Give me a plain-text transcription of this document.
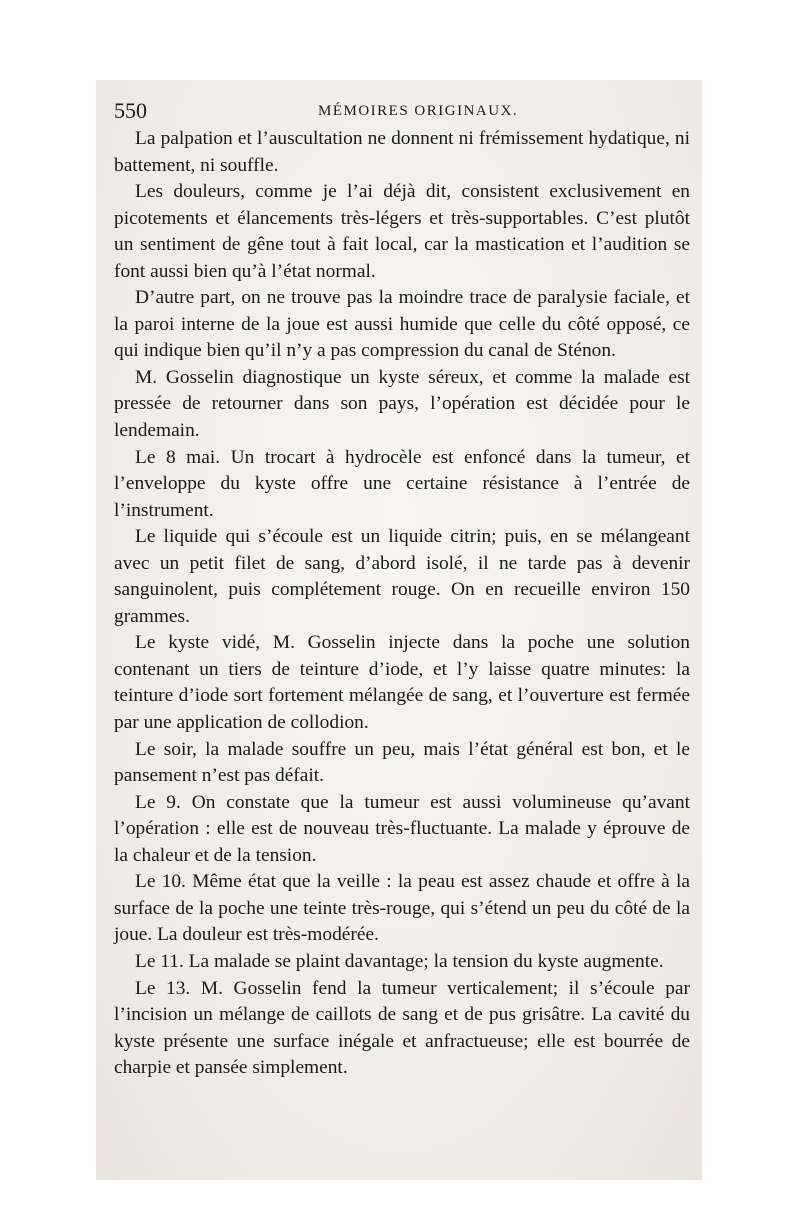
550	MÉMOIRES ORIGINAUX.

La palpation et l’auscultation ne donnent ni frémissement hydatique, ni battement, ni souffle.

Les douleurs, comme je l’ai déjà dit, consistent exclusivement en picotements et élancements très-légers et très-supportables. C’est plutôt un sentiment de gêne tout à fait local, car la mastication et l’audition se font aussi bien qu’à l’état normal.

D’autre part, on ne trouve pas la moindre trace de paralysie faciale, et la paroi interne de la joue est aussi humide que celle du côté opposé, ce qui indique bien qu’il n’y a pas compression du canal de Sténon.

M. Gosselin diagnostique un kyste séreux, et comme la malade est pressée de retourner dans son pays, l’opération est décidée pour le lendemain.

Le 8 mai. Un trocart à hydrocèle est enfoncé dans la tumeur, et l’enveloppe du kyste offre une certaine résistance à l’entrée de l’instrument.

Le liquide qui s’écoule est un liquide citrin; puis, en se mélangeant avec un petit filet de sang, d’abord isolé, il ne tarde pas à devenir sanguinolent, puis complétement rouge. On en recueille environ 150 grammes.

Le kyste vidé, M. Gosselin injecte dans la poche une solution contenant un tiers de teinture d’iode, et l’y laisse quatre minutes: la teinture d’iode sort fortement mélangée de sang, et l’ouverture est fermée par une application de collodion.

Le soir, la malade souffre un peu, mais l’état général est bon, et le pansement n’est pas défait.

Le 9. On constate que la tumeur est aussi volumineuse qu’avant l’opération : elle est de nouveau très-fluctuante. La malade y éprouve de la chaleur et de la tension.

Le 10. Même état que la veille : la peau est assez chaude et offre à la surface de la poche une teinte très-rouge, qui s’étend un peu du côté de la joue. La douleur est très-modérée.

Le 11. La malade se plaint davantage; la tension du kyste augmente.

Le 13. M. Gosselin fend la tumeur verticalement; il s’écoule par l’incision un mélange de caillots de sang et de pus grisâtre. La cavité du kyste présente une surface inégale et anfractueuse; elle est bourrée de charpie et pansée simplement.
